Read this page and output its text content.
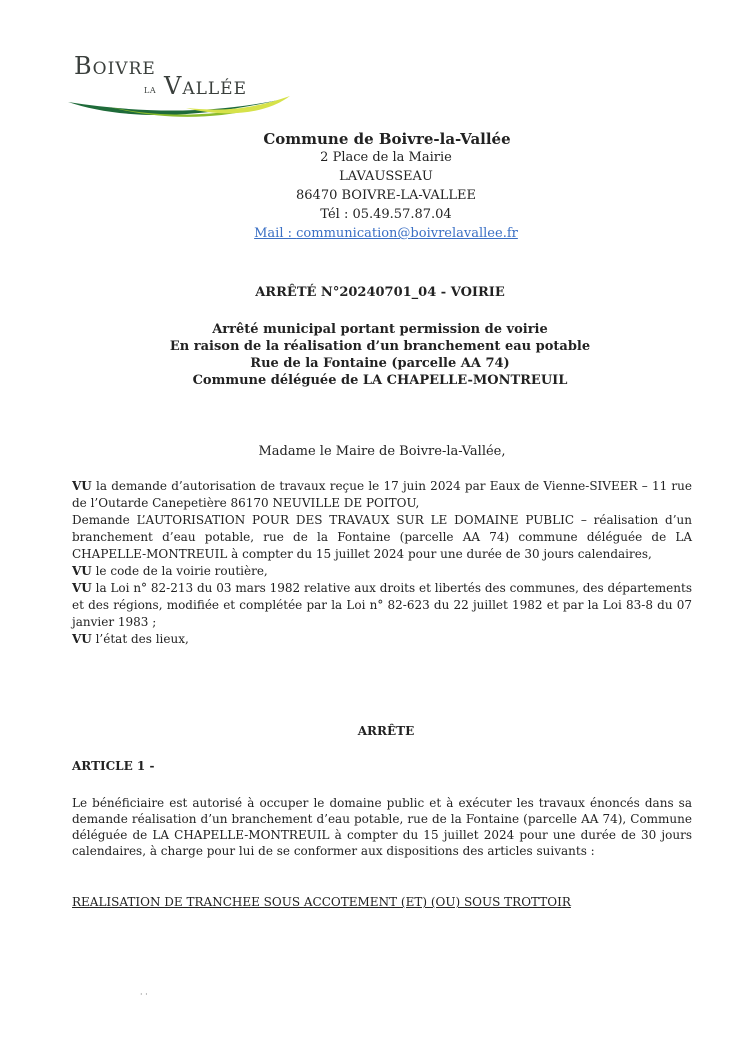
Boivre
la Vallée
Commune de Boivre-la-Vallée
2 Place de la Mairie
LAVAUSSEAU
86470 BOIVRE-LA-VALLEE
Tél : 05.49.57.87.04
Mail : communication@boivrelavallee.fr
ARRÊTÉ N°20240701_04 - VOIRIE
Arrêté municipal portant permission de voirie
En raison de la réalisation d’un branchement eau potable
Rue de la Fontaine (parcelle AA 74)
Commune déléguée de LA CHAPELLE-MONTREUIL
Madame le Maire de Boivre-la-Vallée,

VU la demande d’autorisation de travaux reçue le 17 juin 2024 par Eaux de Vienne-SIVEER – 11 rue de l’Outarde Canepetière 86170 NEUVILLE DE POITOU,

Demande L’AUTORISATION POUR DES TRAVAUX SUR LE DOMAINE PUBLIC – réalisation d’un branchement d’eau potable, rue de la Fontaine (parcelle AA 74) commune déléguée de LA CHAPELLE-MONTREUIL à compter du 15 juillet 2024 pour une durée de 30 jours calendaires,

VU le code de la voirie routière,

VU la Loi n° 82-213 du 03 mars 1982 relative aux droits et libertés des communes, des départements et des régions, modifiée et complétée par la Loi n° 82-623 du 22 juillet 1982 et par la Loi 83-8 du 07 janvier 1983 ;

VU l’état des lieux,

ARRÊTE
ARTICLE 1 -
Le bénéficiaire est autorisé à occuper le domaine public et à exécuter les travaux énoncés dans sa demande réalisation d’un branchement d’eau potable, rue de la Fontaine (parcelle AA 74), Commune déléguée de LA CHAPELLE-MONTREUIL à compter du 15 juillet 2024 pour une durée de 30 jours calendaires, à charge pour lui de se conformer aux dispositions des articles suivants :
REALISATION DE TRANCHEE SOUS ACCOTEMENT (ET) (OU) SOUS TROTTOIR
· ·
